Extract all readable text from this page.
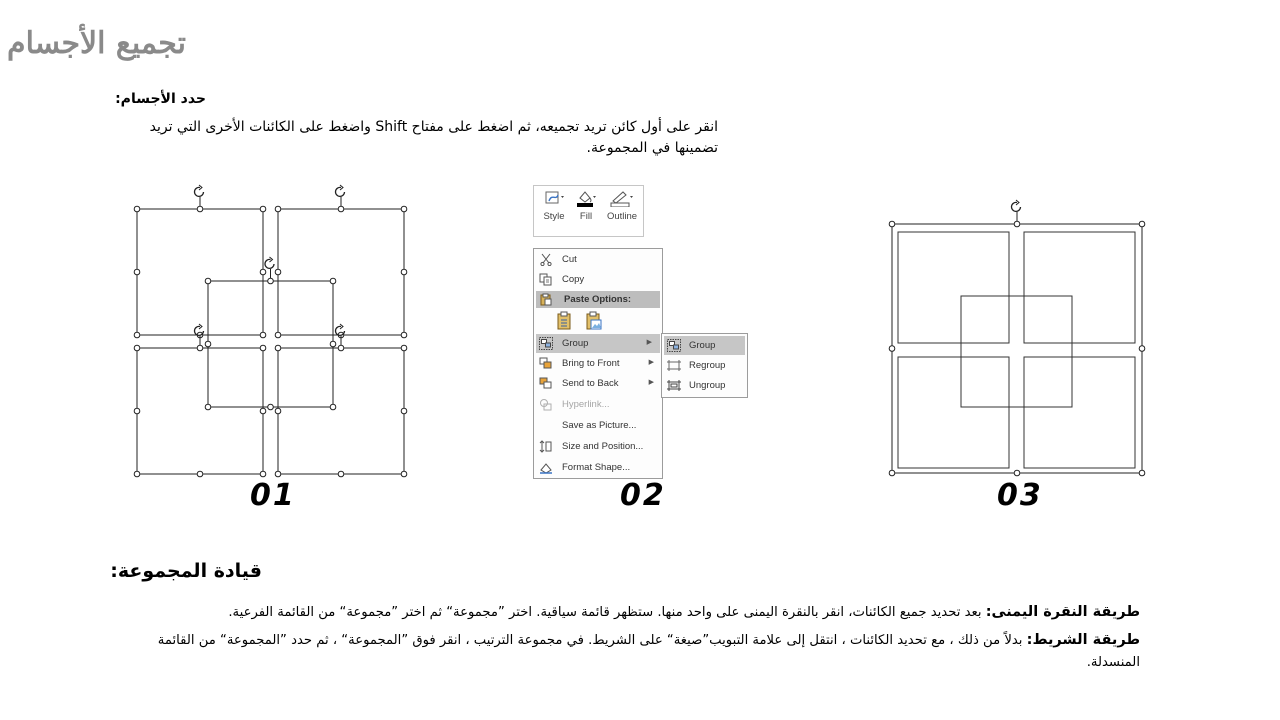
تجميع الأجسام
حدد الأجسام:
انقر على أول كائن تريد تجميعه، ثم اضغط على مفتاح Shift واضغط على الكائنات الأخرى التي تريد تضمينها في المجموعة.
01
Style	Fill	Outline
Cut
Copy
Paste Options:
Group	▶
Bring to Front	▶
Send to Back	▶
Hyperlink...
Save as Picture...
Size and Position...
Format Shape...
Group
Regroup
Ungroup
02	03
قيادة المجموعة:
طريقة النقرة اليمنى: بعد تحديد جميع الكائنات، انقر بالنقرة اليمنى على واحد منها. ستظهر قائمة سياقية. اختر ”مجموعة“ ثم اختر ”مجموعة“ من القائمة الفرعية.
طريقة الشريط: بدلاً من ذلك ، مع تحديد الكائنات ، انتقل إلى علامة التبويب”صيغة“ على الشريط. في مجموعة الترتيب ، انقر فوق ”المجموعة“ ، ثم حدد ”المجموعة“ من القائمة المنسدلة.
